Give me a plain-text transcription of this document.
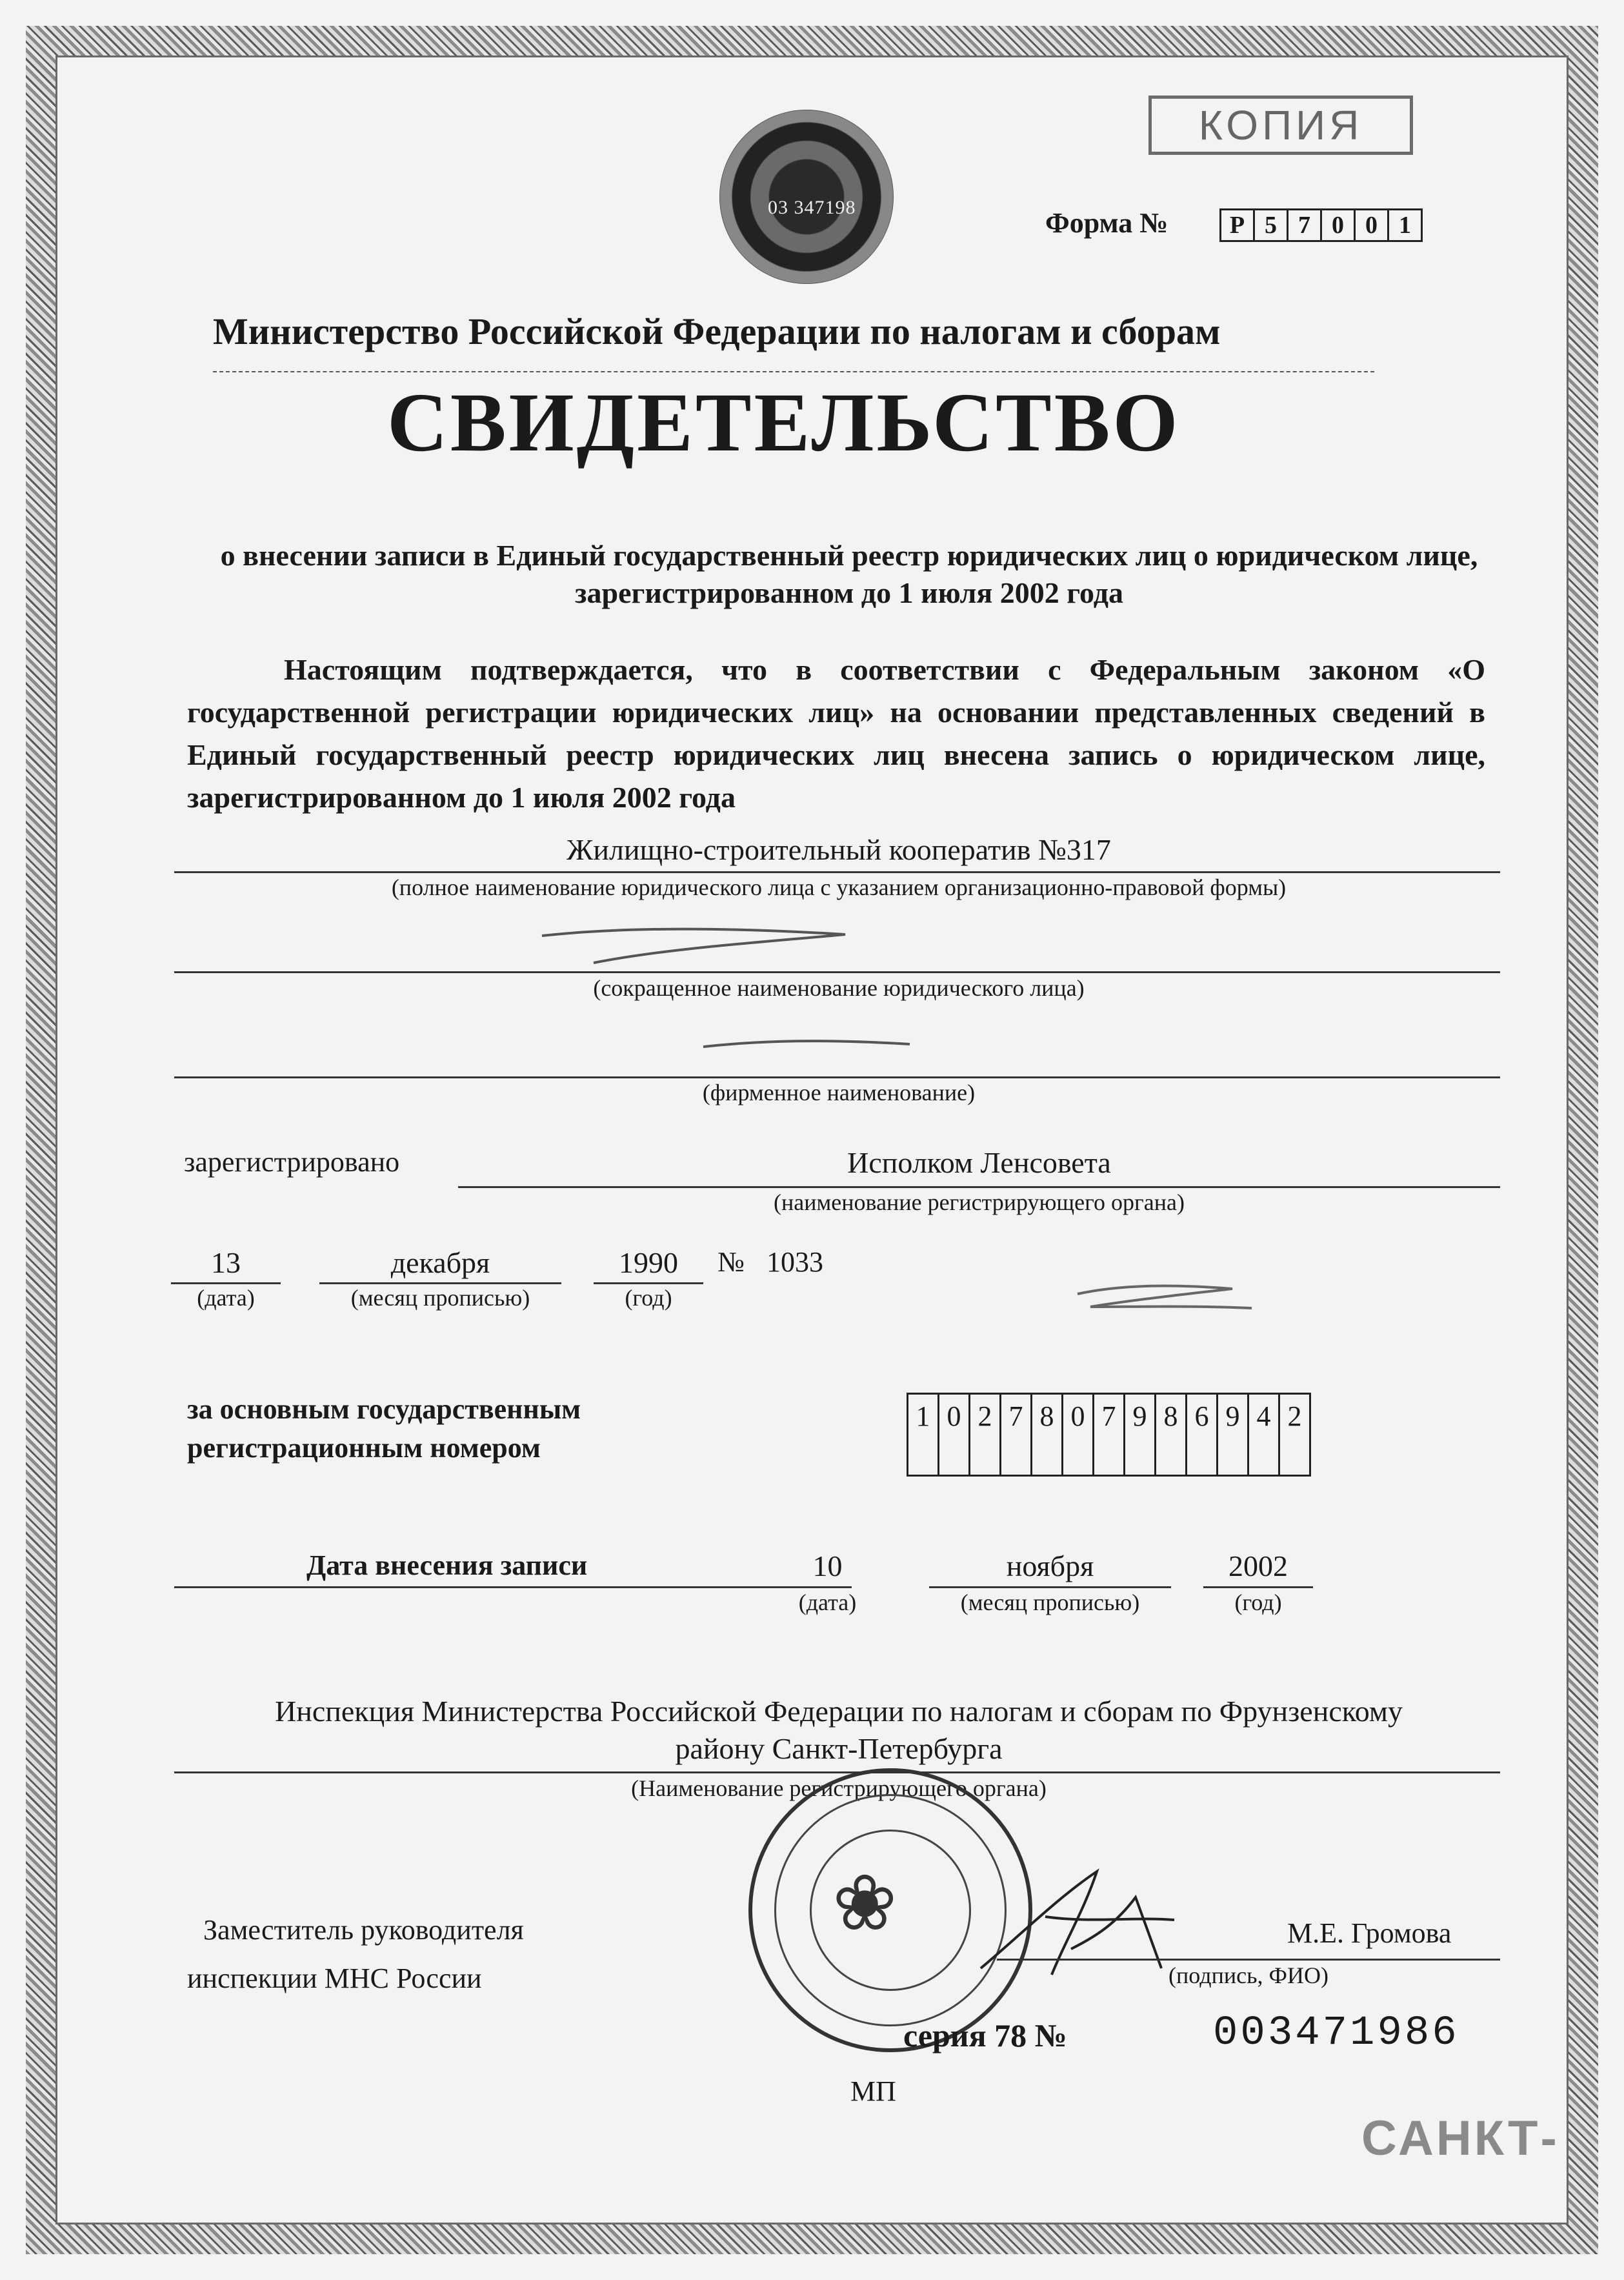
03 347198
КОПИЯ
Форма №	Р 5 7 0 0 1
Министерство Российской Федерации по налогам и сборам
СВИДЕТЕЛЬСТВО
о внесении записи в Единый государственный реестр юридических лиц о юридическом лице, зарегистрированном до 1 июля 2002 года
Настоящим подтверждается, что в соответствии с Федеральным законом «О государственной регистрации юридических лиц» на основании представленных сведений в Единый государственный реестр юридических лиц внесена запись о юридическом лице, зарегистрированном до 1 июля 2002 года
Жилищно-строительный кооператив №317
(полное наименование юридического лица с указанием организационно-правовой формы)
(сокращенное наименование юридического лица)
(фирменное наименование)
зарегистрировано	Исполком Ленсовета
(наименование регистрирующего органа)
13
(дата)
декабря
(месяц прописью)
1990
(год)
№ 1033
за основным государственным
регистрационным номером
1 0 2 7 8 0 7 9 8 6 9 4 2
Дата внесения записи	10
(дата)
ноября
(месяц прописью)
2002
(год)
Инспекция Министерства Российской Федерации по налогам и сборам по Фрунзенскому
району Санкт-Петербурга
(Наименование регистрирующего органа)
❀
Заместитель руководителя
инспекции МНС России
М.Е. Громова
(подпись, ФИО)
серия 78 №	003471986
МП
САНКТ-
